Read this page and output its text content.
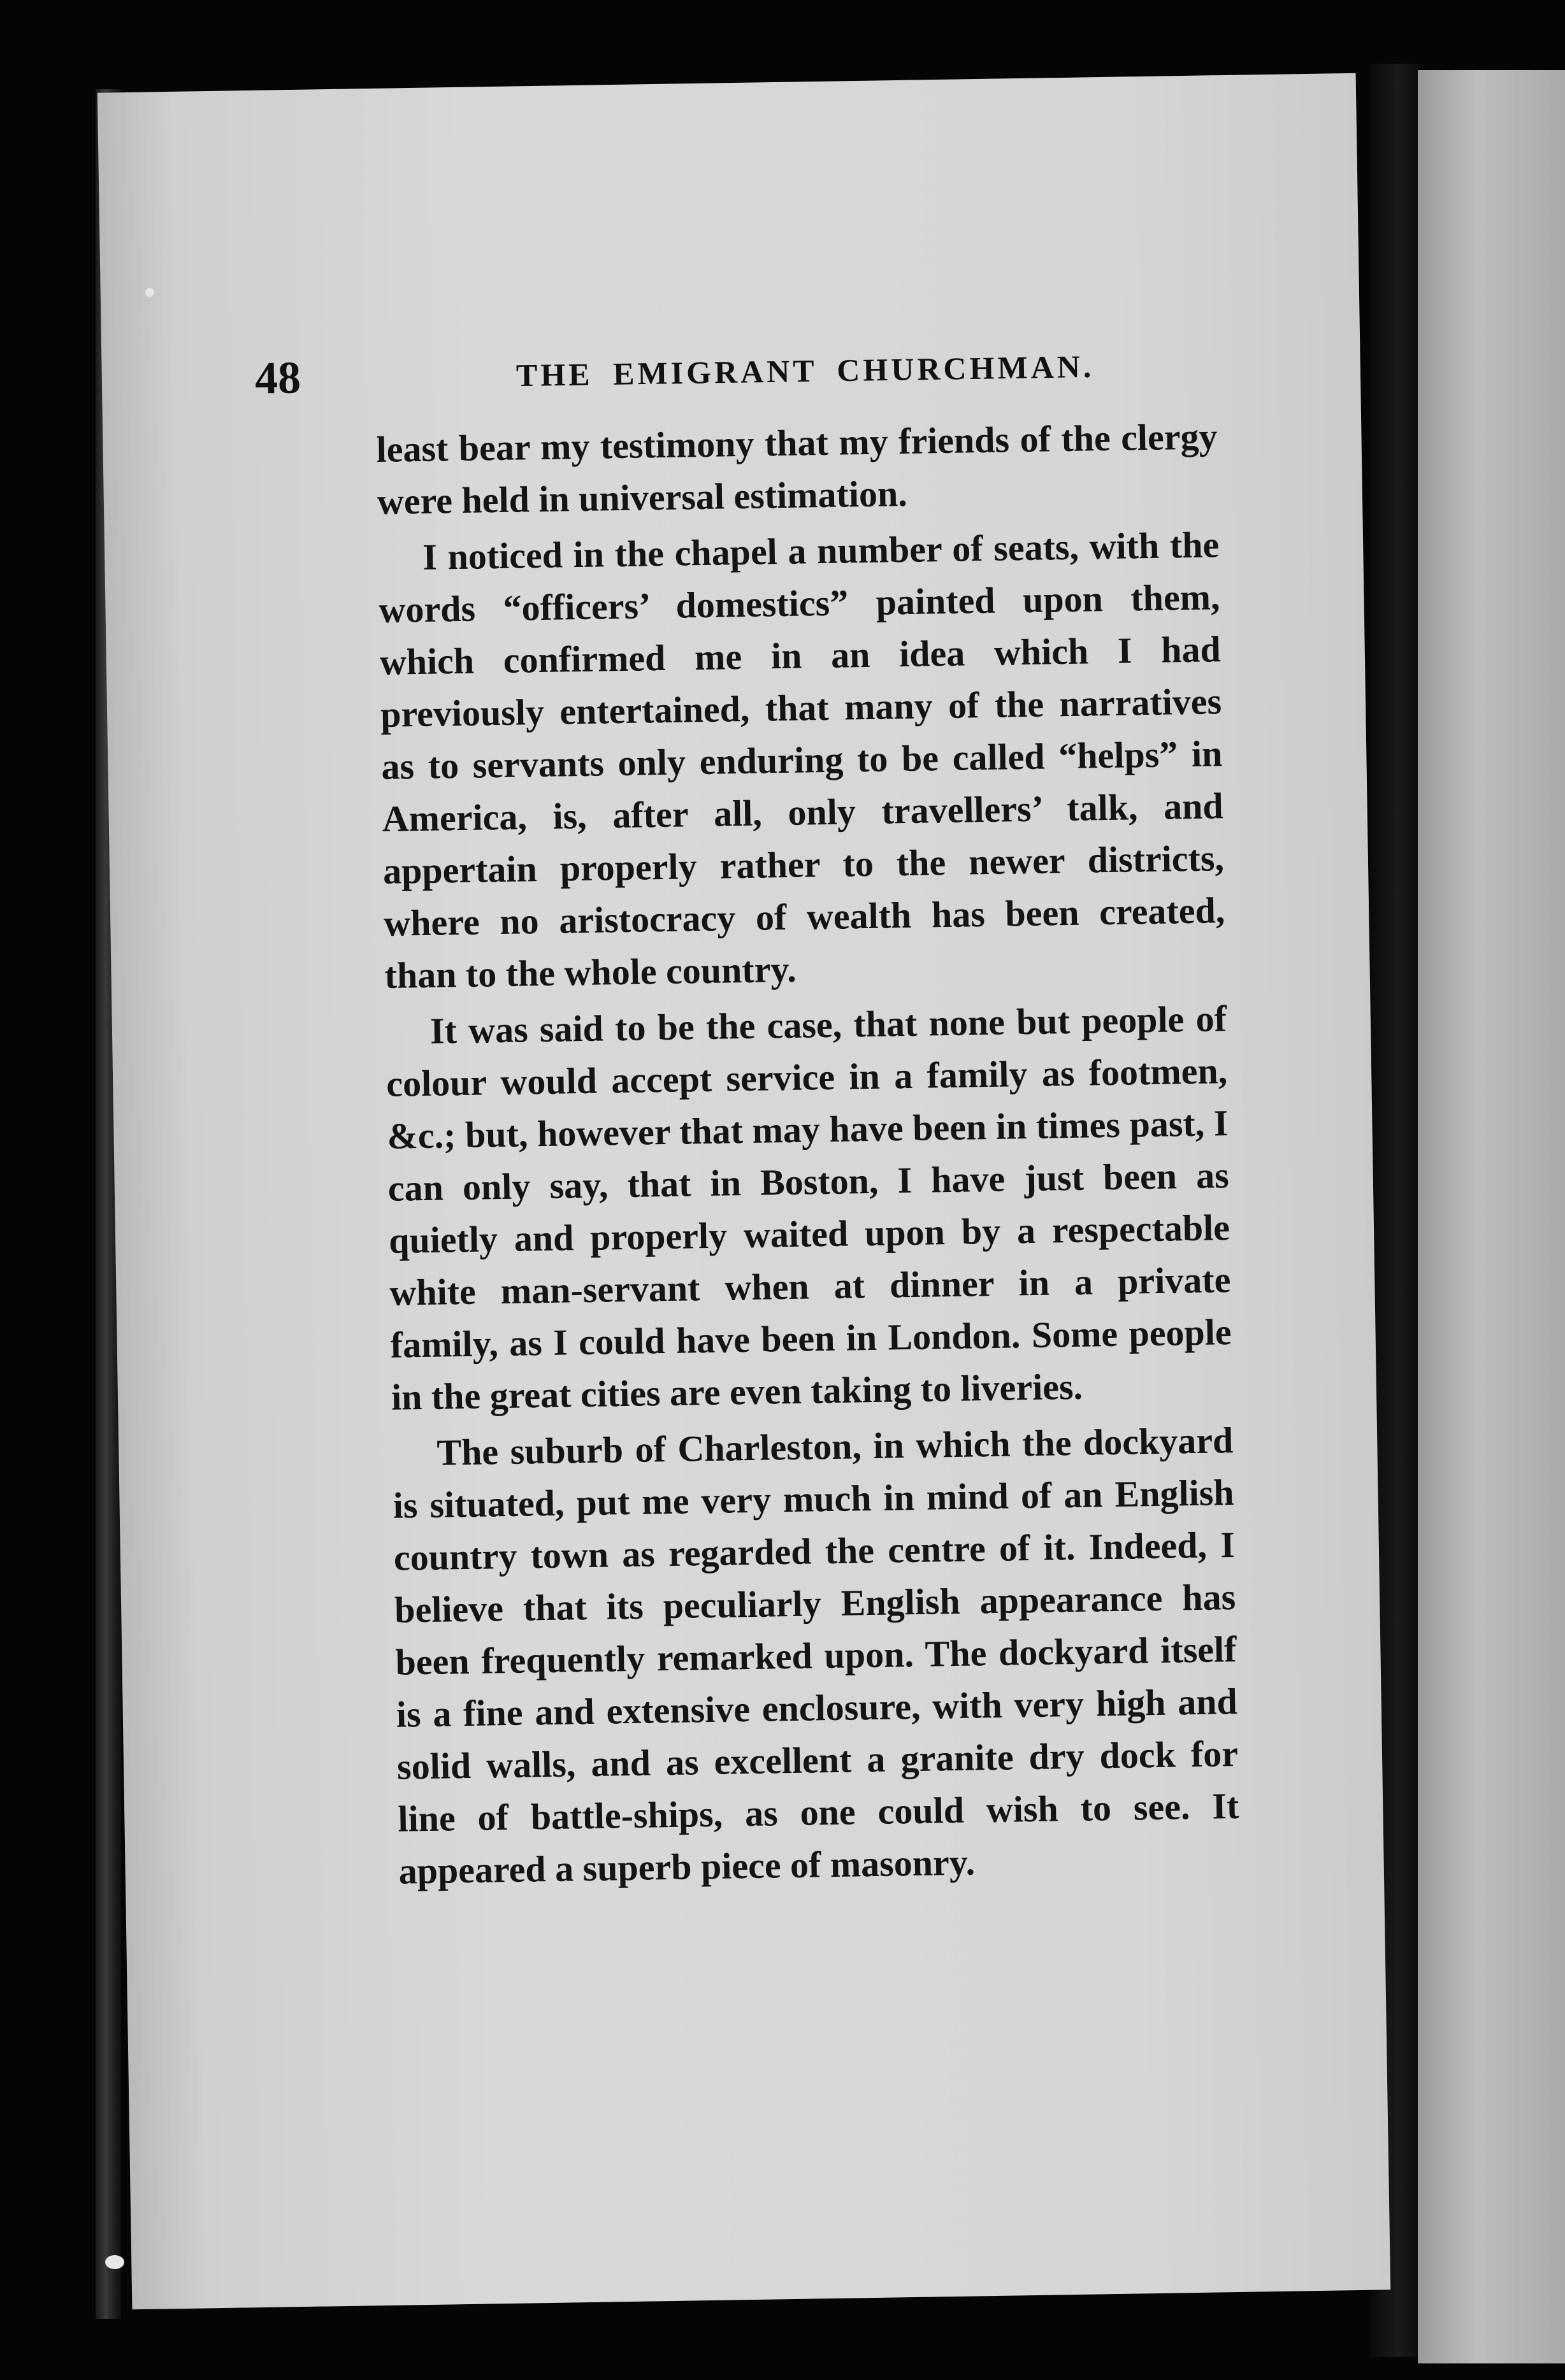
48	THE EMIGRANT CHURCHMAN.

least bear my testimony that my friends of the clergy were held in universal estimation.

I noticed in the chapel a number of seats, with the words “officers’ domestics” painted upon them, which confirmed me in an idea which I had previously entertained, that many of the narratives as to servants only enduring to be called “helps” in America, is, after all, only travellers’ talk, and appertain properly rather to the newer districts, where no aristocracy of wealth has been created, than to the whole country.

It was said to be the case, that none but people of colour would accept service in a family as footmen, &c.; but, however that may have been in times past, I can only say, that in Boston, I have just been as quietly and properly waited upon by a respectable white man-servant when at dinner in a private family, as I could have been in London. Some people in the great cities are even taking to liveries.

The suburb of Charleston, in which the dockyard is situated, put me very much in mind of an English country town as regarded the centre of it. Indeed, I believe that its peculiarly English appearance has been frequently remarked upon. The dockyard itself is a fine and extensive enclosure, with very high and solid walls, and as excellent a granite dry dock for line of battle-ships, as one could wish to see. It appeared a superb piece of masonry.
